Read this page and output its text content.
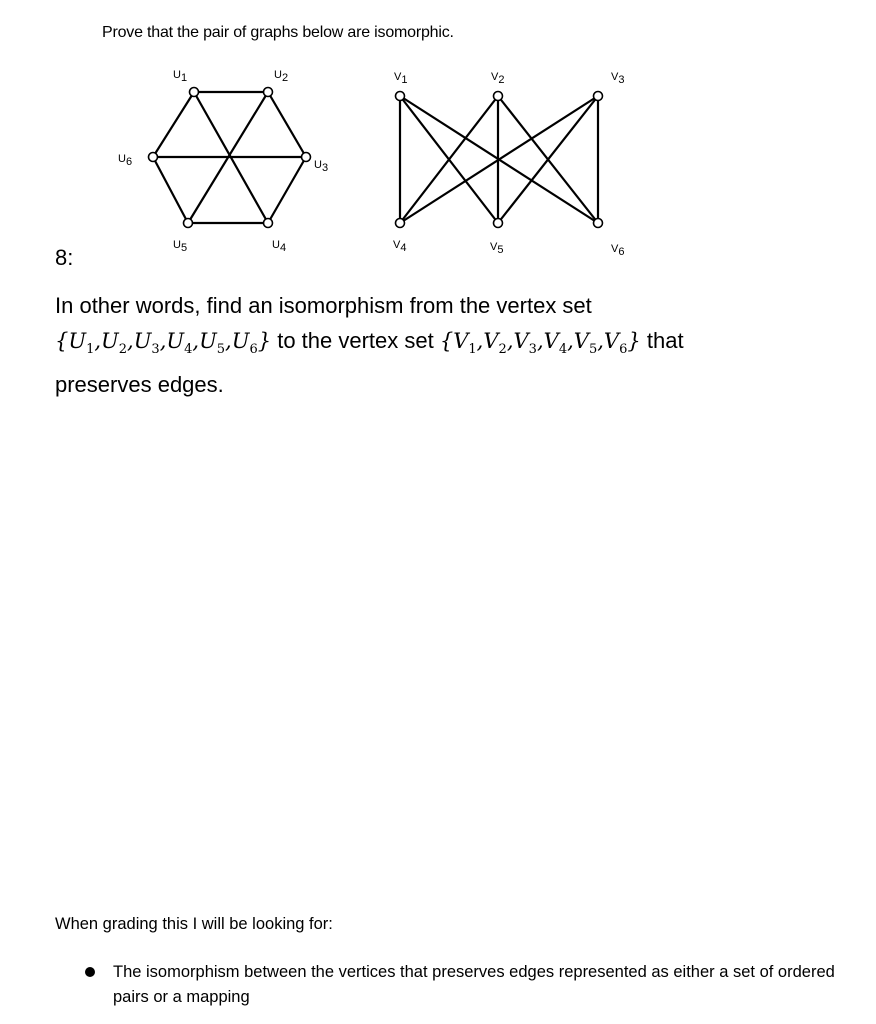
Prove that the pair of graphs below are isomorphic.
U1	U2
U3
U4
U5
U6
V1	V2	V3
V4	V5	V6
8:
In other words, find an isomorphism from the vertex set
$\{U_1,U_2,U_3,U_4,U_5,U_6\}$ to the vertex set $\{V_1,V_2,V_3,V_4,V_5,V_6\}$ that
preserves edges.
When grading this I will be looking for:
The isomorphism between the vertices that preserves edges represented as either a set of ordered pairs or a mapping
